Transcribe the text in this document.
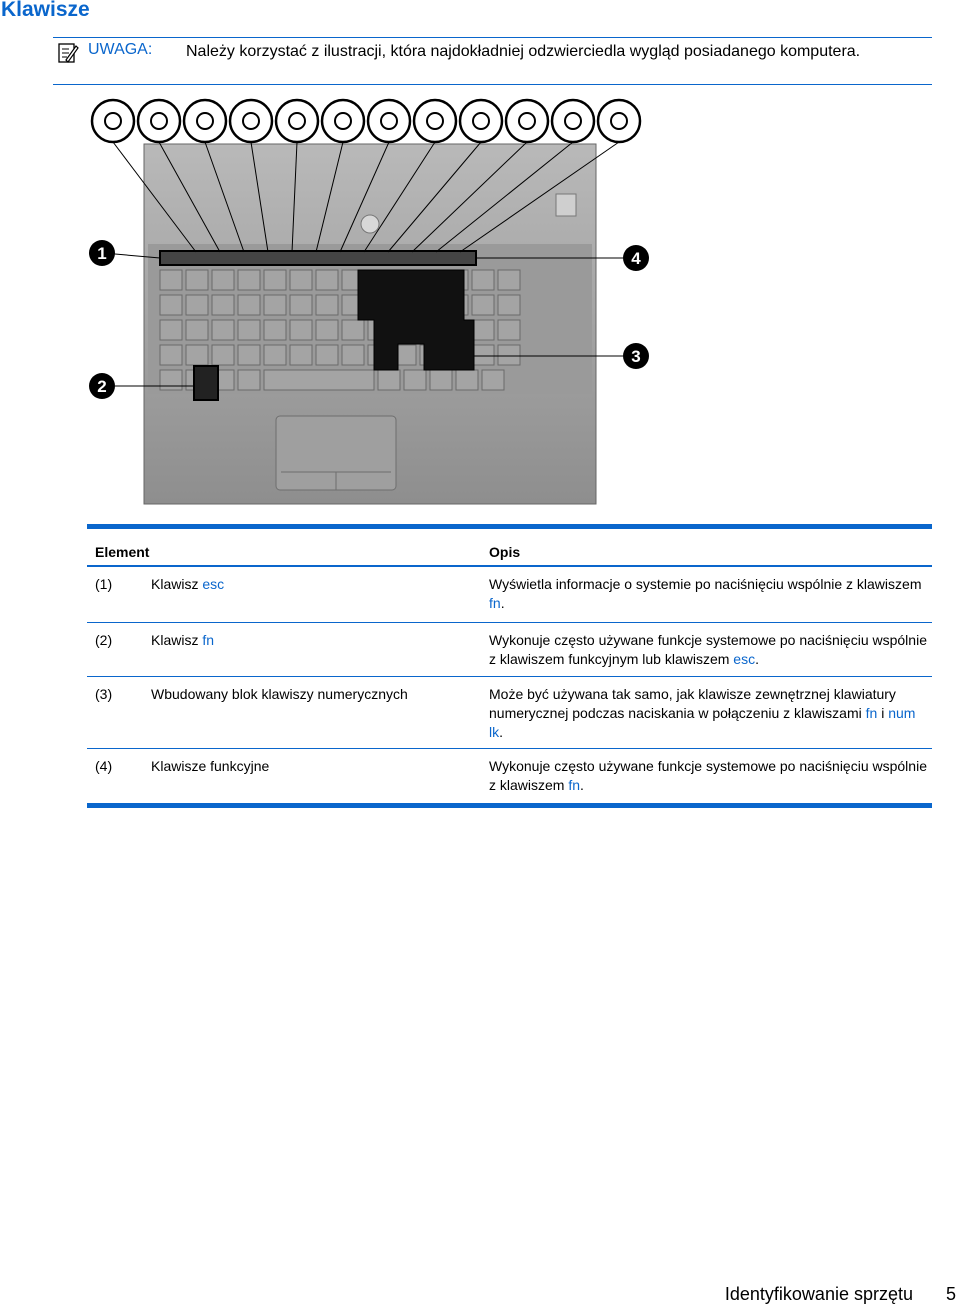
Klawisze
Należy korzystać z ilustracji, która najdokładniej odzwierciedla wygląd posiadanego komputera.
UWAGA:
1
2
3
4
Element	Opis
(1)	Klawisz esc	Wyświetla informacje o systemie po naciśnięciu wspólnie z klawiszem fn.
(2)	Klawisz fn	Wykonuje często używane funkcje systemowe po naciśnięciu wspólnie z klawiszem funkcyjnym lub klawiszem esc.
(3)	Wbudowany blok klawiszy numerycznych	Może być używana tak samo, jak klawisze zewnętrznej klawiatury numerycznej podczas naciskania w połączeniu z klawiszami fn i num lk.
(4)	Klawisze funkcyjne	Wykonuje często używane funkcje systemowe po naciśnięciu wspólnie z klawiszem fn.
Identyfikowanie sprzętu 5
